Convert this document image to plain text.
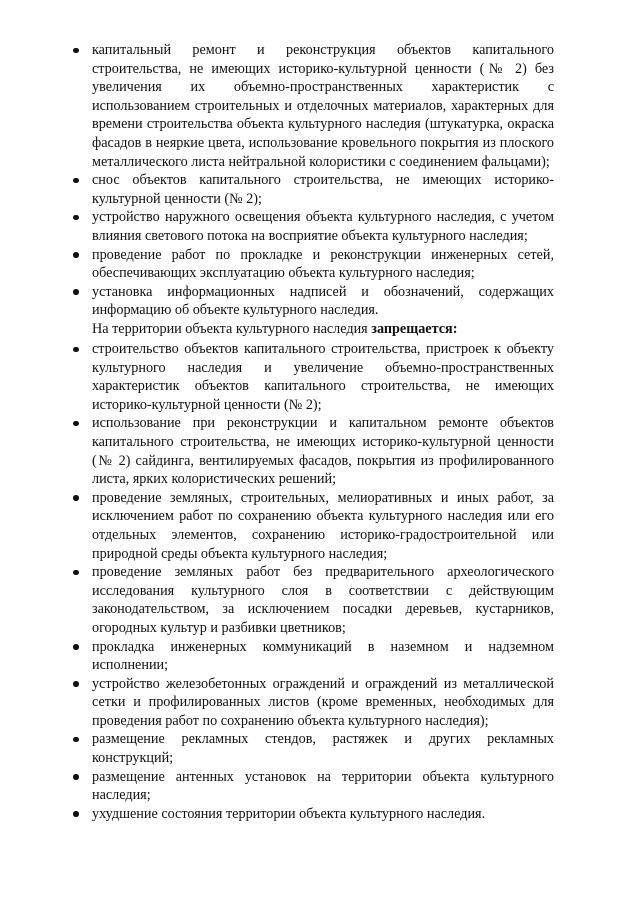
капитальный ремонт и реконструкция объектов капитального строительства, не имеющих историко-культурной ценности (№ 2) без увеличения их объемно-пространственных характеристик с использованием строительных и отделочных материалов, характерных для времени строительства объекта культурного наследия (штукатурка, окраска фасадов в неяркие цвета, использование кровельного покрытия из плоского металлического листа нейтральной колористики с соединением фальцами);
снос объектов капитального строительства, не имеющих историко-культурной ценности (№ 2);
устройство наружного освещения объекта культурного наследия, с учетом влияния светового потока на восприятие объекта культурного наследия;
проведение работ по прокладке и реконструкции инженерных сетей, обеспечивающих эксплуатацию объекта культурного наследия;
установка информационных надписей и обозначений, содержащих информацию об объекте культурного наследия.

На территории объекта культурного наследия запрещается:

строительство объектов капитального строительства, пристроек к объекту культурного наследия и увеличение объемно-пространственных характеристик объектов капитального строительства, не имеющих историко-культурной ценности (№ 2);
использование при реконструкции и капитальном ремонте объектов капитального строительства, не имеющих историко-культурной ценности (№ 2) сайдинга, вентилируемых фасадов, покрытия из профилированного листа, ярких колористических решений;
проведение земляных, строительных, мелиоративных и иных работ, за исключением работ по сохранению объекта культурного наследия или его отдельных элементов, сохранению историко-градостроительной или природной среды объекта культурного наследия;
проведение земляных работ без предварительного археологического исследования культурного слоя в соответствии с действующим законодательством, за исключением посадки деревьев, кустарников, огородных культур и разбивки цветников;
прокладка инженерных коммуникаций в наземном и надземном исполнении;
устройство железобетонных ограждений и ограждений из металлической сетки и профилированных листов (кроме временных, необходимых для проведения работ по сохранению объекта культурного наследия);
размещение рекламных стендов, растяжек и других рекламных конструкций;
размещение антенных установок на территории объекта культурного наследия;
ухудшение состояния территории объекта культурного наследия.
